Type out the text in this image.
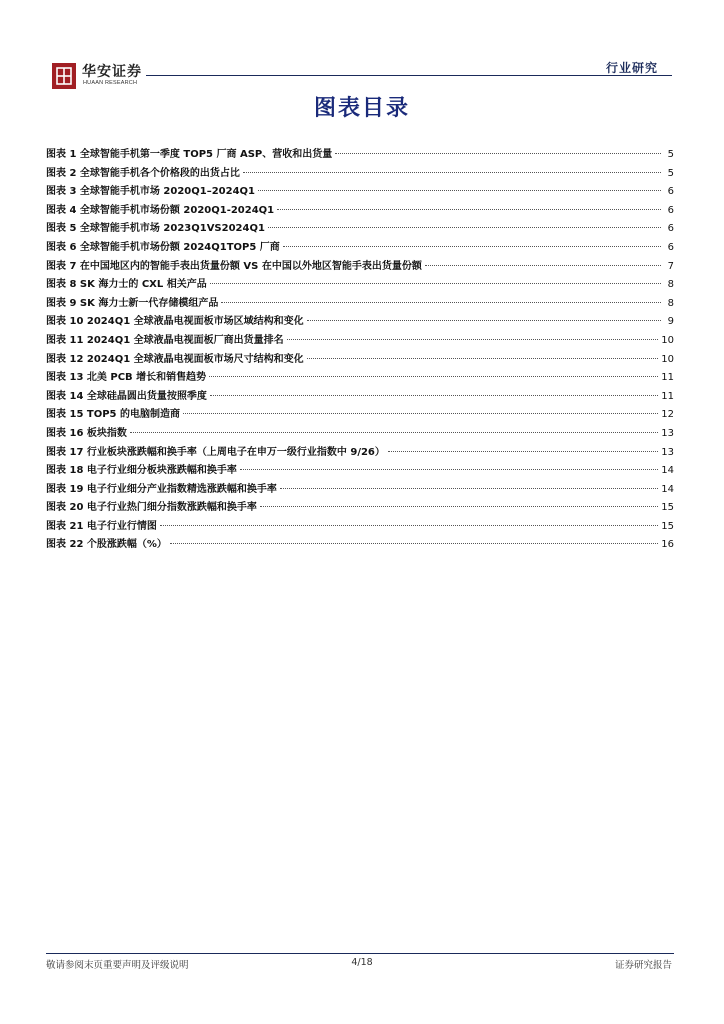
华安证券
HUAAN RESEARCH
行业研究
图表目录
图表 1 全球智能手机第一季度 TOP5 厂商 ASP、营收和出货量	5
图表 2 全球智能手机各个价格段的出货占比	5
图表 3 全球智能手机市场 2020Q1–2024Q1	6
图表 4 全球智能手机市场份额 2020Q1-2024Q1	6
图表 5 全球智能手机市场 2023Q1VS2024Q1	6
图表 6 全球智能手机市场份额 2024Q1TOP5 厂商	6
图表 7 在中国地区内的智能手表出货量份额 VS 在中国以外地区智能手表出货量份额	7
图表 8 SK 海力士的 CXL 相关产品	8
图表 9 SK 海力士新一代存储模组产品	8
图表 10 2024Q1 全球液晶电视面板市场区域结构和变化	9
图表 11 2024Q1 全球液晶电视面板厂商出货量排名	10
图表 12 2024Q1 全球液晶电视面板市场尺寸结构和变化	10
图表 13 北美 PCB 增长和销售趋势	11
图表 14 全球硅晶圆出货量按照季度	11
图表 15 TOP5 的电脑制造商	12
图表 16 板块指数	13
图表 17 行业板块涨跌幅和换手率（上周电子在申万一级行业指数中 9/26）	13
图表 18 电子行业细分板块涨跌幅和换手率	14
图表 19 电子行业细分产业指数精选涨跌幅和换手率	14
图表 20 电子行业热门细分指数涨跌幅和换手率	15
图表 21 电子行业行情图	15
图表 22 个股涨跌幅（%）	16
敬请参阅末页重要声明及评级说明	4/18	证券研究报告
